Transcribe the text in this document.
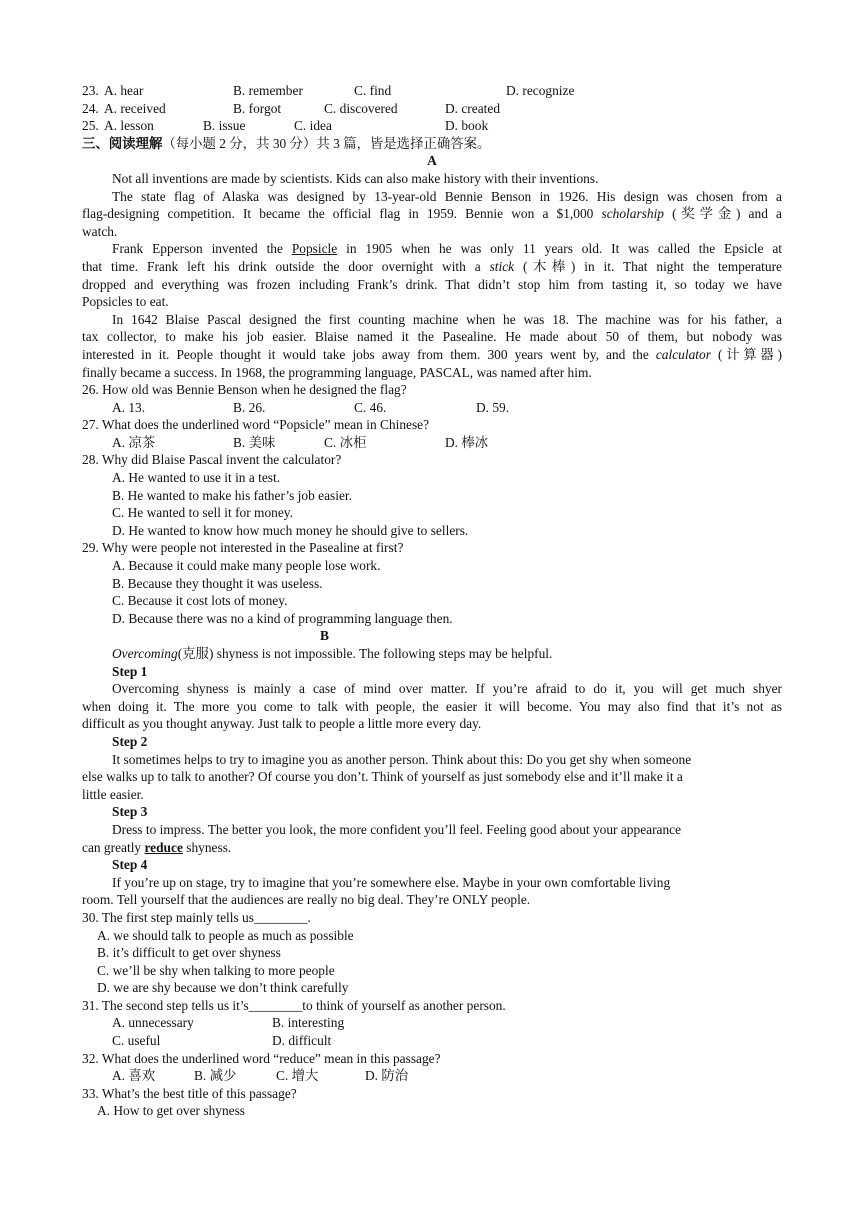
23. A. hear	B. remember	C. find	D. recognize
24. A. received	B. forgot	C. discovered	D. created
25. A. lesson	B. issue	C. idea	D. book
三、阅读理解（每小题 2 分，共 30 分）共 3 篇，皆是选择正确答案。
A
Not all inventions are made by scientists. Kids can also make history with their inventions.
The state flag of Alaska was designed by 13-year-old Bennie Benson in 1926. His design was chosen from a
flag-designing competition. It became the official flag in 1959. Bennie won a $1,000 scholarship (奖学金) and a
watch.
Frank Epperson invented the Popsicle in 1905 when he was only 11 years old. It was called the Epsicle at
that time. Frank left his drink outside the door overnight with a stick (木棒) in it. That night the temperature
dropped and everything was frozen including Frank’s drink. That didn’t stop him from tasting it, so today we have
Popsicles to eat.
In 1642 Blaise Pascal designed the first counting machine when he was 18. The machine was for his father, a
tax collector, to make his job easier. Blaise named it the Pasealine. He made about 50 of them, but nobody was
interested in it. People thought it would take jobs away from them. 300 years went by, and the calculator (计算器)
finally became a success. In 1968, the programming language, PASCAL, was named after him.
26. How old was Bennie Benson when he designed the flag?
A. 13.	B. 26.	C. 46.	D. 59.
27. What does the underlined word “Popsicle” mean in Chinese?
A. 凉茶	B. 美味	C. 冰柜	D. 棒冰
28. Why did Blaise Pascal invent the calculator?
A. He wanted to use it in a test.
B. He wanted to make his father’s job easier.
C. He wanted to sell it for money.
D. He wanted to know how much money he should give to sellers.
29. Why were people not interested in the Pasealine at first?
A. Because it could make many people lose work.
B. Because they thought it was useless.
C. Because it cost lots of money.
D. Because there was no a kind of programming language then.
B
Overcoming(克服) shyness is not impossible. The following steps may be helpful.
Step 1
Overcoming shyness is mainly a case of mind over matter. If you’re afraid to do it, you will get much shyer
when doing it. The more you come to talk with people, the easier it will become. You may also find that it’s not as
difficult as you thought anyway. Just talk to people a little more every day.
Step 2
It sometimes helps to try to imagine you as another person. Think about this: Do you get shy when someone
else walks up to talk to another? Of course you don’t. Think of yourself as just somebody else and it’ll make it a
little easier.
Step 3
Dress to impress. The better you look, the more confident you’ll feel. Feeling good about your appearance
can greatly reduce shyness.
Step 4
If you’re up on stage, try to imagine that you’re somewhere else. Maybe in your own comfortable living
room. Tell yourself that the audiences are really no big deal. They’re ONLY people.
30. The first step mainly tells us________.
A. we should talk to people as much as possible
B. it’s difficult to get over shyness
C. we’ll be shy when talking to more people
D. we are shy because we don’t think carefully
31. The second step tells us it’s________to think of yourself as another person.
A. unnecessary	B. interesting
C. useful	D. difficult
32. What does the underlined word “reduce” mean in this passage?
A. 喜欢	B. 减少	C. 增大	D. 防治
33. What’s the best title of this passage?
A. How to get over shyness
